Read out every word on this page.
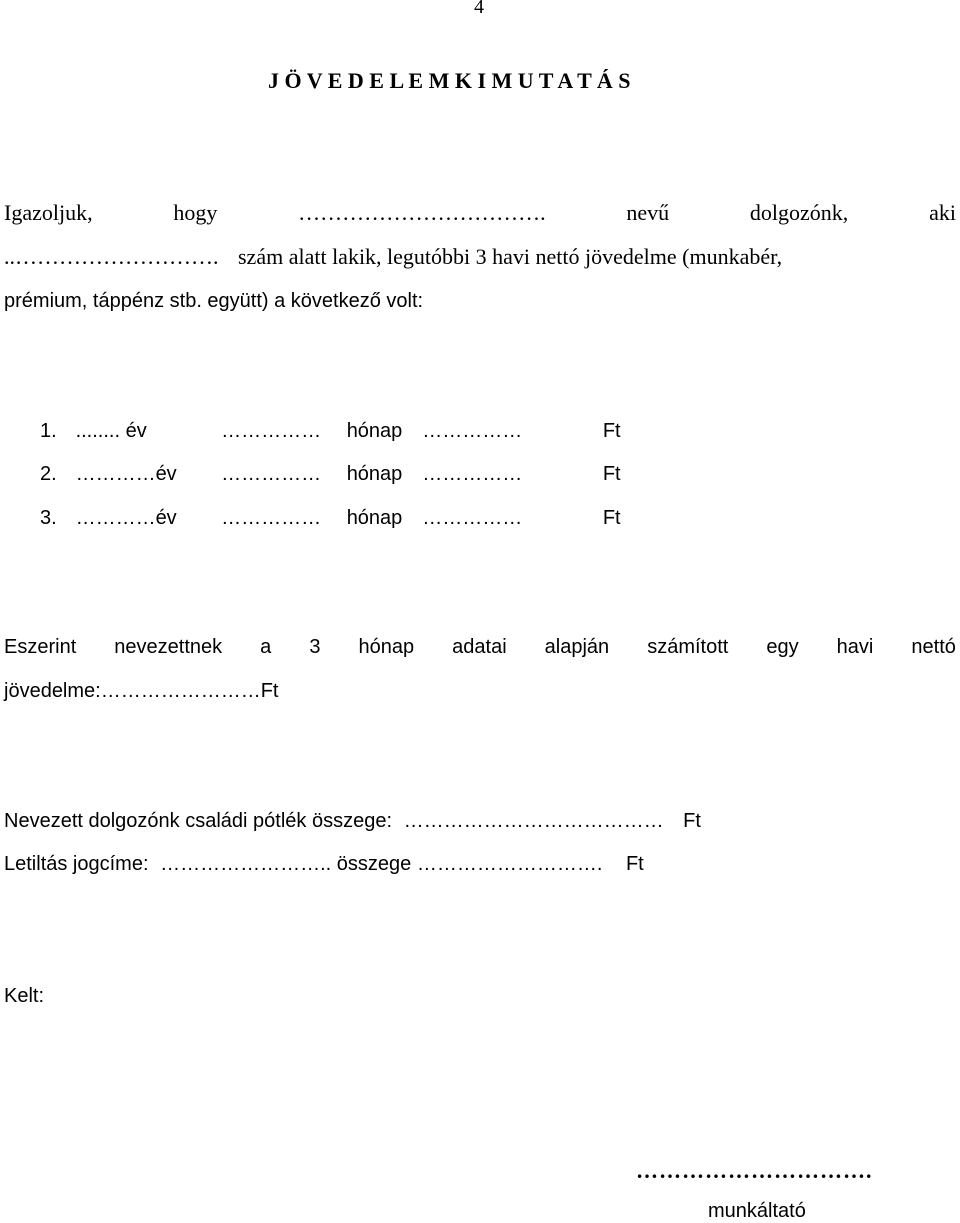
4
J Ö V E D E L E M K I M U T A T Á S
Igazoljuk,	hogy	…………………………….	nevű	dolgozónk,	aki
..………………………. szám alatt lakik, legutóbbi 3 havi nettó jövedelme (munkabér,
prémium, táppénz stb. együtt) a következő volt:
1. ........ év	…………… hónap ……………	Ft
2. …………év …………… hónap ……………	Ft
3. …………év …………… hónap ……………	Ft
Eszerint nevezettnek a 3 hónap adatai alapján számított egy havi nettó
jövedelme:……………………Ft
Nevezett dolgozónk családi pótlék összege: ………………………………… Ft
Letiltás jogcíme: …………………….. összege ………………………. Ft
Kelt:
………………………….
munkáltató
